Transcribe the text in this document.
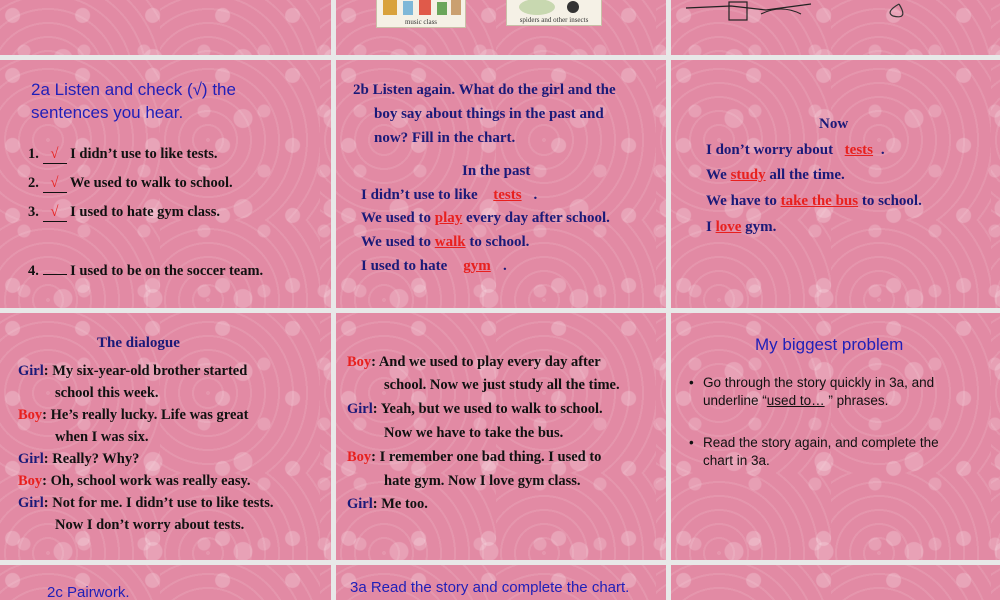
music class	spiders and other insects
2a Listen and check (√) the
sentences you hear.
1. √ I didn’t use to like tests.
2. √ We used to walk to school.
3. √ I used to hate gym class.
4. I used to be on the soccer team.
2b Listen again. What do the girl and the
boy say about things in the past and
now? Fill in the chart.
In the past
I didn’t use to like tests .
We used to play every day after school.
We used to walk to school.
I used to hate gym .
Now
I don’t worry about tests .
We study all the time.
We have to take the bus to school.
I love gym.
The dialogue
Girl: My six-year-old brother started
school this week.
Boy: He’s really lucky. Life was great
when I was six.
Girl: Really? Why?
Boy: Oh, school work was really easy.
Girl: Not for me. I didn’t use to like tests.
Now I don’t worry about tests.
Boy: And we used to play every day after
school. Now we just study all the time.
Girl: Yeah, but we used to walk to school.
Now we have to take the bus.
Boy: I remember one bad thing. I used to
hate gym. Now I love gym class.
Girl: Me too.
My biggest problem
• Go through the story quickly in 3a, and
underline “used to… ” phrases.
• Read the story again, and complete the
chart in 3a.
2c Pairwork.	3a Read the story and complete the chart.
